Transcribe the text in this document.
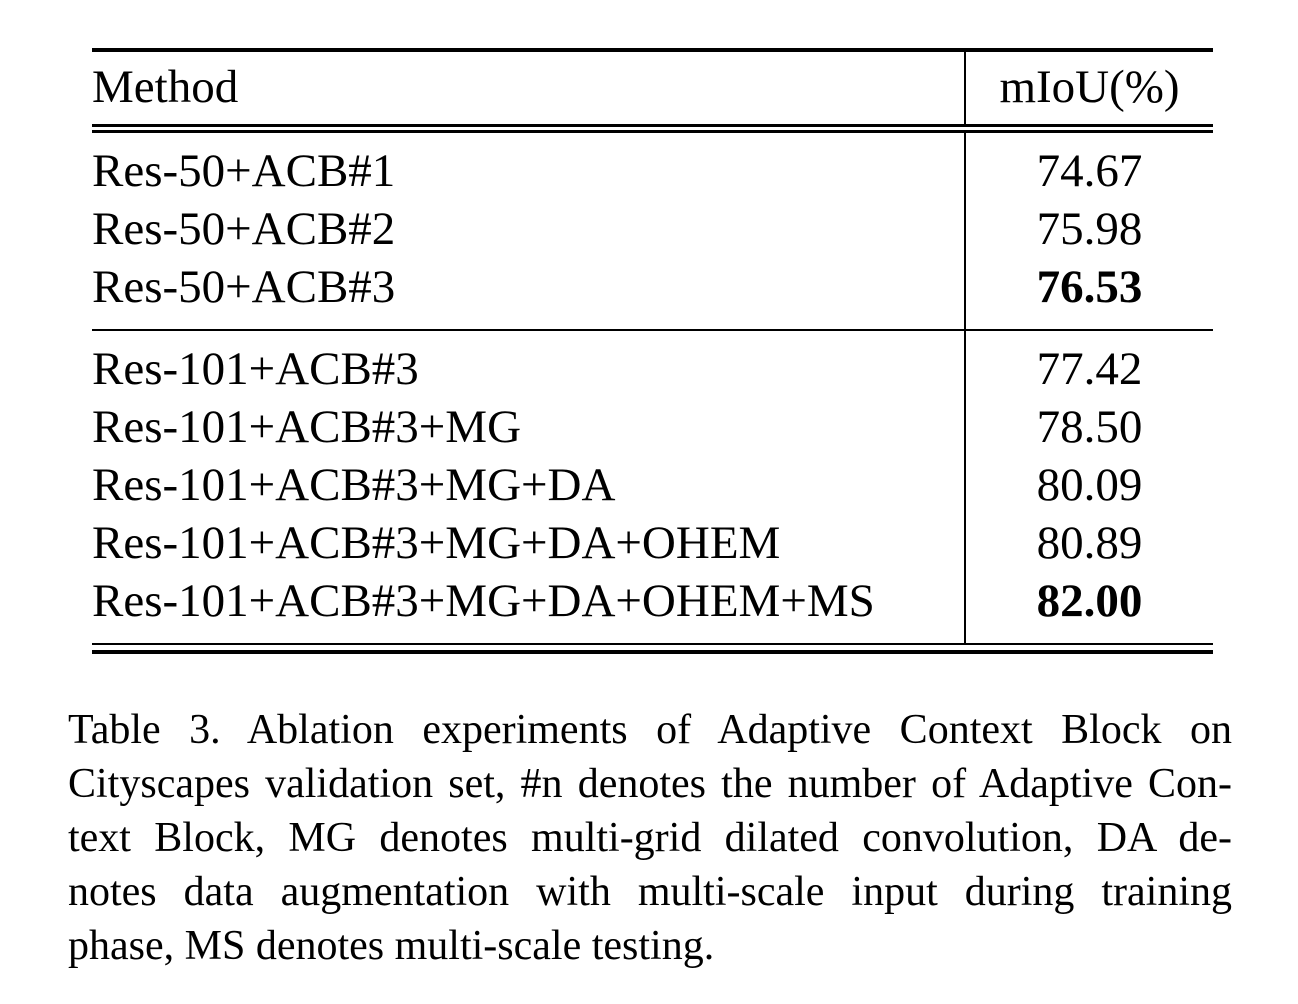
Method	mIoU(%)
Res-50+ACB#1	74.67
Res-50+ACB#2	75.98
Res-50+ACB#3	76.53
Res-101+ACB#3	77.42
Res-101+ACB#3+MG	78.50
Res-101+ACB#3+MG+DA	80.09
Res-101+ACB#3+MG+DA+OHEM	80.89
Res-101+ACB#3+MG+DA+OHEM+MS	82.00
Table 3. Ablation experiments of Adaptive Context Block on
Cityscapes validation set, #n denotes the number of Adaptive Con-
text Block, MG denotes multi-grid dilated convolution, DA de-
notes data augmentation with multi-scale input during training
phase, MS denotes multi-scale testing.
